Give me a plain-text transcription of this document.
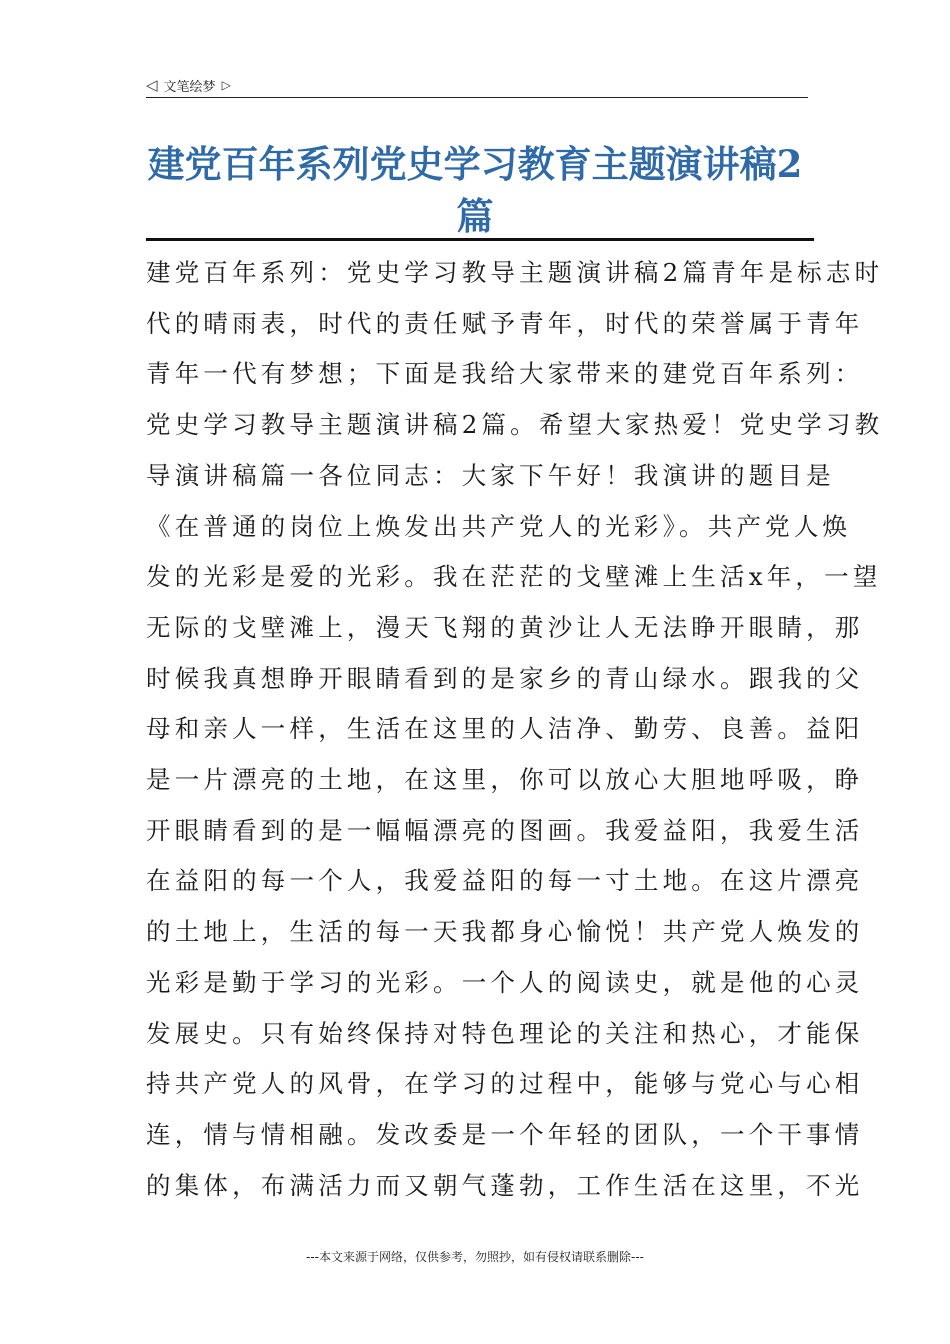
◁ 文笔绘梦 ▷
建党百年系列党史学习教育主题演讲稿2
篇
建党百年系列：党史学习教导主题演讲稿2篇青年是标志时
代的晴雨表，时代的责任赋予青年，时代的荣誉属于青年
青年一代有梦想；下面是我给大家带来的建党百年系列：
党史学习教导主题演讲稿2篇。希望大家热爱！党史学习教
导演讲稿篇一各位同志：大家下午好！我演讲的题目是
《在普通的岗位上焕发出共产党人的光彩》。共产党人焕
发的光彩是爱的光彩。我在茫茫的戈壁滩上生活x年，一望
无际的戈壁滩上，漫天飞翔的黄沙让人无法睁开眼睛，那
时候我真想睁开眼睛看到的是家乡的青山绿水。跟我的父
母和亲人一样，生活在这里的人洁净、勤劳、良善。益阳
是一片漂亮的土地，在这里，你可以放心大胆地呼吸，睁
开眼睛看到的是一幅幅漂亮的图画。我爱益阳，我爱生活
在益阳的每一个人，我爱益阳的每一寸土地。在这片漂亮
的土地上，生活的每一天我都身心愉悦！共产党人焕发的
光彩是勤于学习的光彩。一个人的阅读史，就是他的心灵
发展史。只有始终保持对特色理论的关注和热心，才能保
持共产党人的风骨，在学习的过程中，能够与党心与心相
连，情与情相融。发改委是一个年轻的团队，一个干事情
的集体，布满活力而又朝气蓬勃，工作生活在这里，不光
---本文来源于网络，仅供参考，勿照抄，如有侵权请联系删除---
